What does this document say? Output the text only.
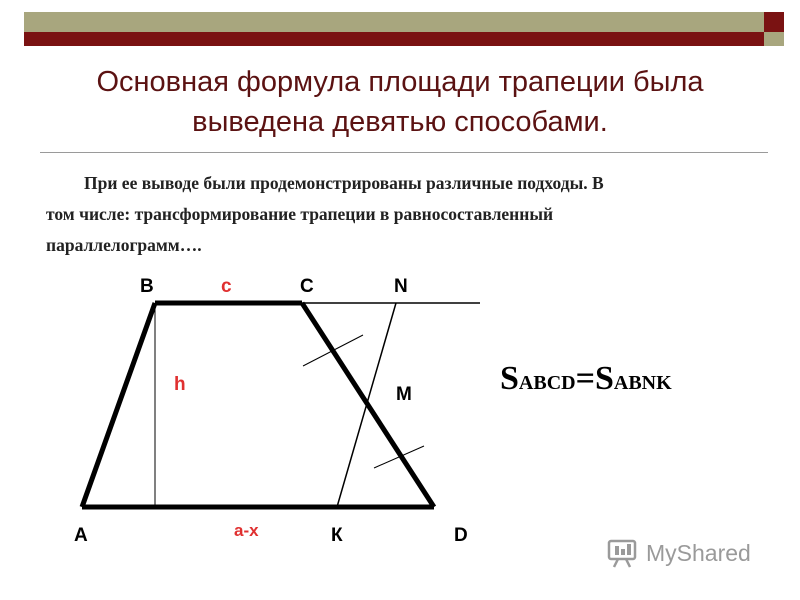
Основная формула площади трапеции была
выведена девятью способами.
При ее выводе были продемонстрированы различные подходы. В
том числе: трансформирование трапеции в равносоставленный
параллелограмм….
B	c	C	N
h	M
A	a-x	К	D
SABCD=SABNK
MyShared
